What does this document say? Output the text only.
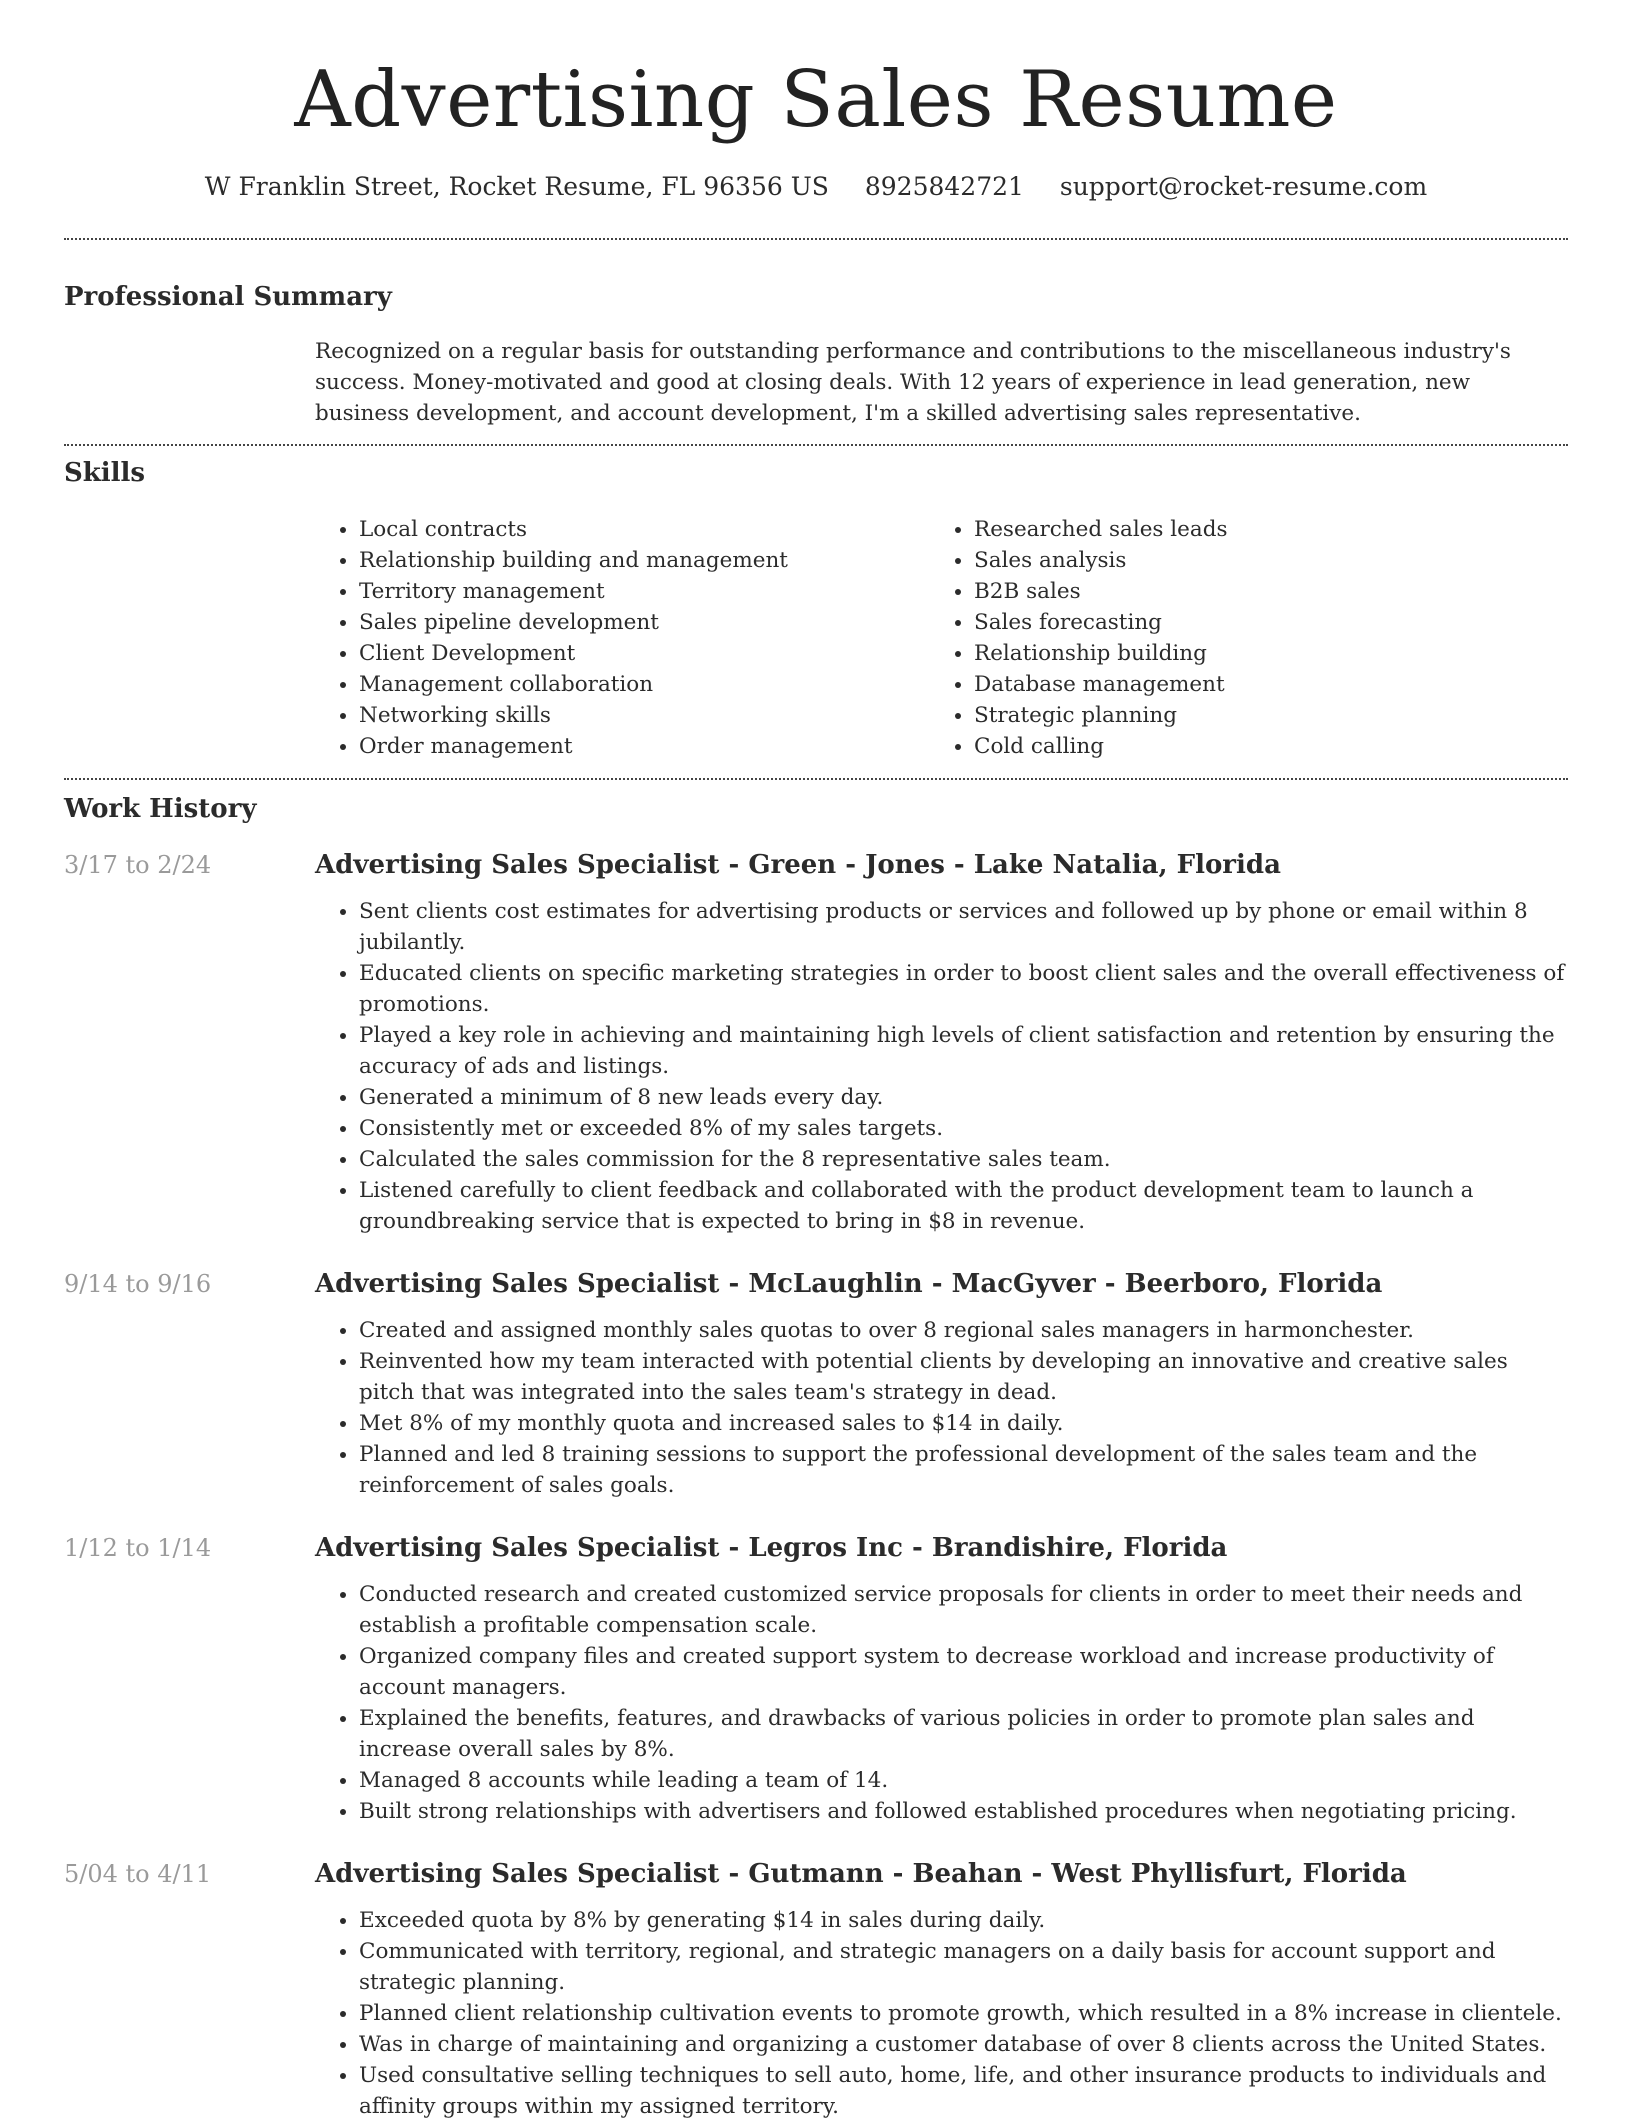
Advertising Sales Resume
W Franklin Street, Rocket Resume, FL 96356 US 8925842721 support@rocket-resume.com
Professional Summary

Recognized on a regular basis for outstanding performance and contributions to the miscellaneous industry's success. Money-motivated and good at closing deals. With 12 years of experience in lead generation, new business development, and account development, I'm a skilled advertising sales representative.

Skills
• Local contracts
• Relationship building and management
• Territory management
• Sales pipeline development
• Client Development
• Management collaboration
• Networking skills
• Order management
• Researched sales leads
• Sales analysis
• B2B sales
• Sales forecasting
• Relationship building
• Database management
• Strategic planning
• Cold calling
Work History
3/17 to 2/24	Advertising Sales Specialist - Green - Jones - Lake Natalia, Florida
• Sent clients cost estimates for advertising products or services and followed up by phone or email within 8 jubilantly.
• Educated clients on specific marketing strategies in order to boost client sales and the overall effectiveness of promotions.
• Played a key role in achieving and maintaining high levels of client satisfaction and retention by ensuring the accuracy of ads and listings.
• Generated a minimum of 8 new leads every day.
• Consistently met or exceeded 8% of my sales targets.
• Calculated the sales commission for the 8 representative sales team.
• Listened carefully to client feedback and collaborated with the product development team to launch a groundbreaking service that is expected to bring in $8 in revenue.
9/14 to 9/16	Advertising Sales Specialist - McLaughlin - MacGyver - Beerboro, Florida
• Created and assigned monthly sales quotas to over 8 regional sales managers in harmonchester.
• Reinvented how my team interacted with potential clients by developing an innovative and creative sales pitch that was integrated into the sales team's strategy in dead.
• Met 8% of my monthly quota and increased sales to $14 in daily.
• Planned and led 8 training sessions to support the professional development of the sales team and the reinforcement of sales goals.
1/12 to 1/14	Advertising Sales Specialist - Legros Inc - Brandishire, Florida
• Conducted research and created customized service proposals for clients in order to meet their needs and establish a profitable compensation scale.
• Organized company files and created support system to decrease workload and increase productivity of account managers.
• Explained the benefits, features, and drawbacks of various policies in order to promote plan sales and increase overall sales by 8%.
• Managed 8 accounts while leading a team of 14.
• Built strong relationships with advertisers and followed established procedures when negotiating pricing.
5/04 to 4/11	Advertising Sales Specialist - Gutmann - Beahan - West Phyllisfurt, Florida
• Exceeded quota by 8% by generating $14 in sales during daily.
• Communicated with territory, regional, and strategic managers on a daily basis for account support and strategic planning.
• Planned client relationship cultivation events to promote growth, which resulted in a 8% increase in clientele.
• Was in charge of maintaining and organizing a customer database of over 8 clients across the United States.
• Used consultative selling techniques to sell auto, home, life, and other insurance products to individuals and affinity groups within my assigned territory.
